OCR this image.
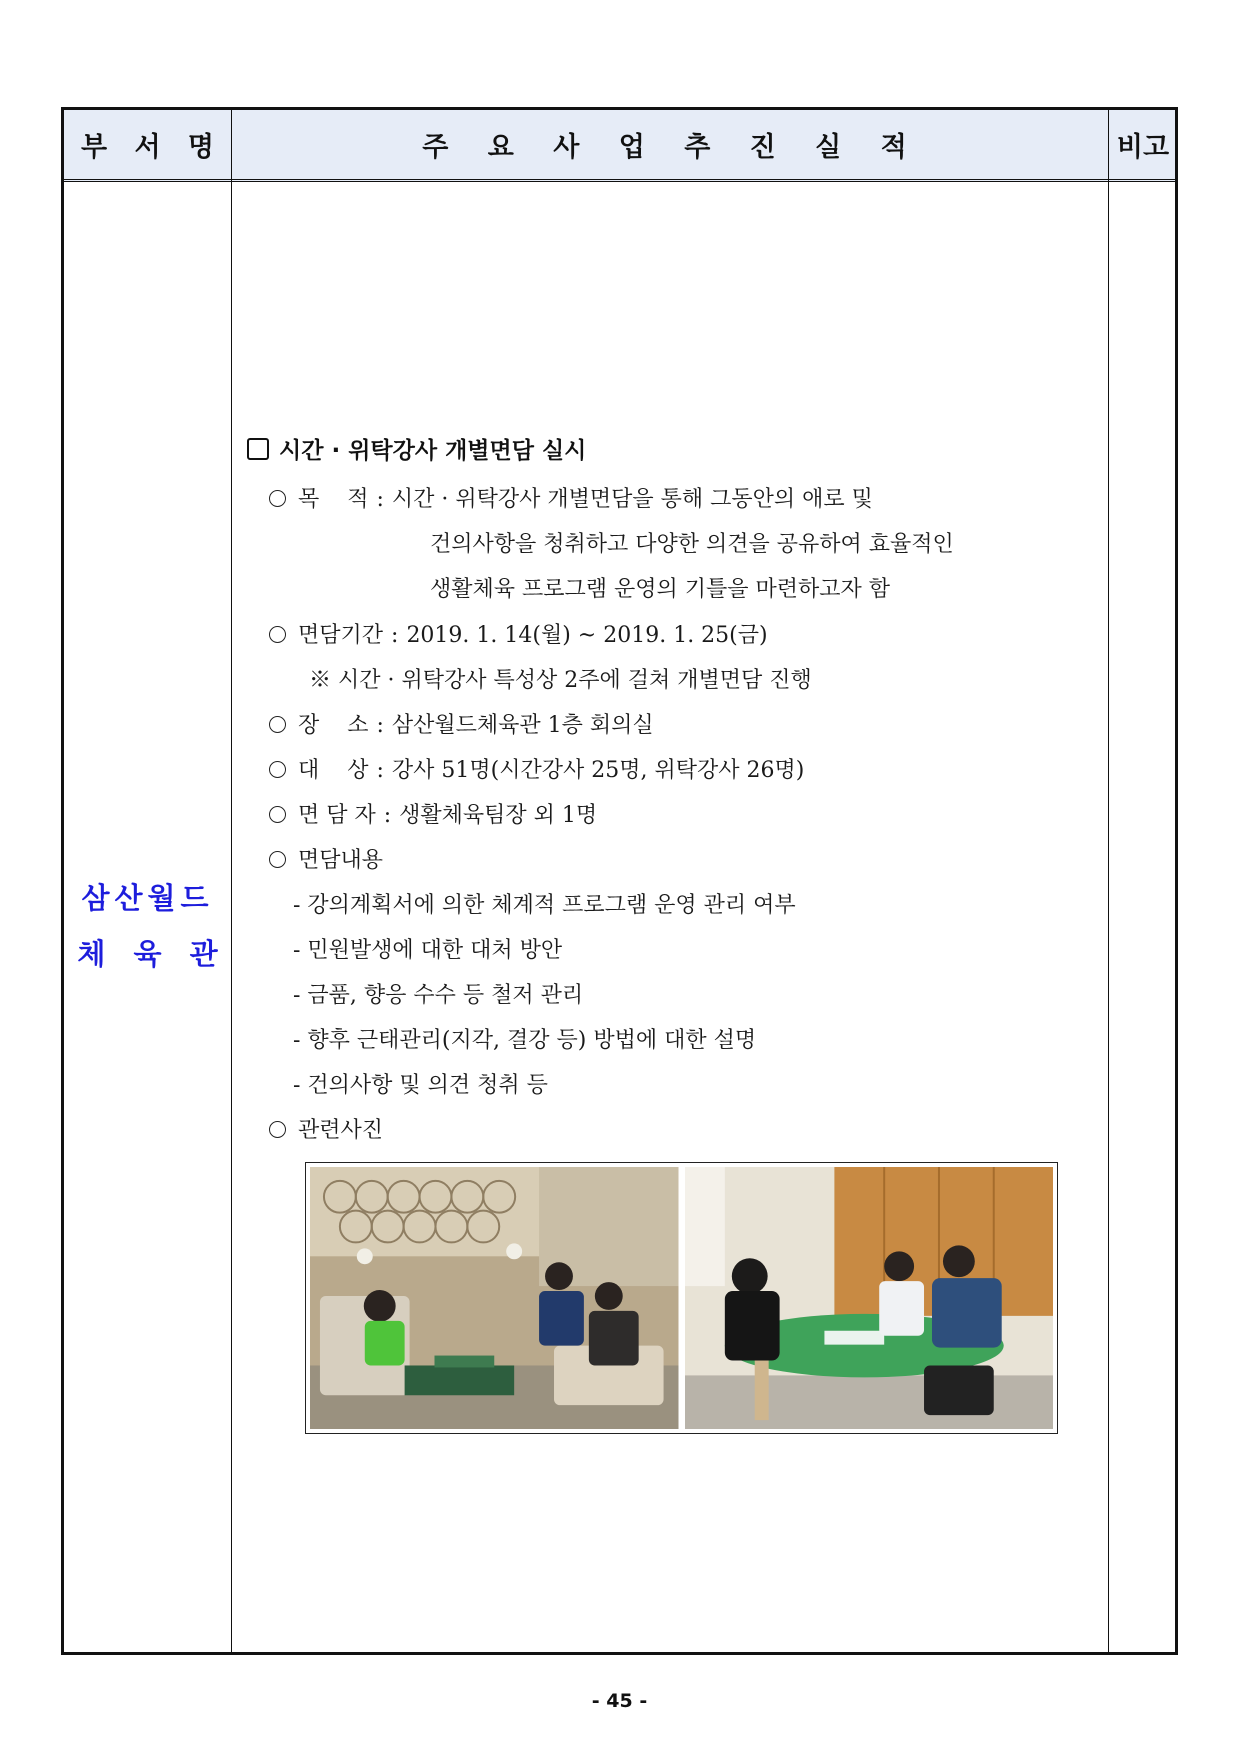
부 서 명	주 요 사 업 추 진 실 적	비고
삼산월드
체 육 관
시간 · 위탁강사 개별면담 실시
목    적 : 시간 · 위탁강사 개별면담을 통해 그동안의 애로 및
건의사항을 청취하고 다양한 의견을 공유하여 효율적인
생활체육 프로그램 운영의 기틀을 마련하고자 함
면담기간 : 2019. 1. 14(월) ~ 2019. 1. 25(금)
※ 시간 · 위탁강사 특성상 2주에 걸쳐 개별면담 진행
장    소 : 삼산월드체육관 1층 회의실
대    상 : 강사 51명(시간강사 25명, 위탁강사 26명)
면 담 자 : 생활체육팀장 외 1명
면담내용
- 강의계획서에 의한 체계적 프로그램 운영 관리 여부
- 민원발생에 대한 대처 방안
- 금품, 향응 수수 등 철저 관리
- 향후 근태관리(지각, 결강 등) 방법에 대한 설명
- 건의사항 및 의견 청취 등
관련사진
- 45 -
